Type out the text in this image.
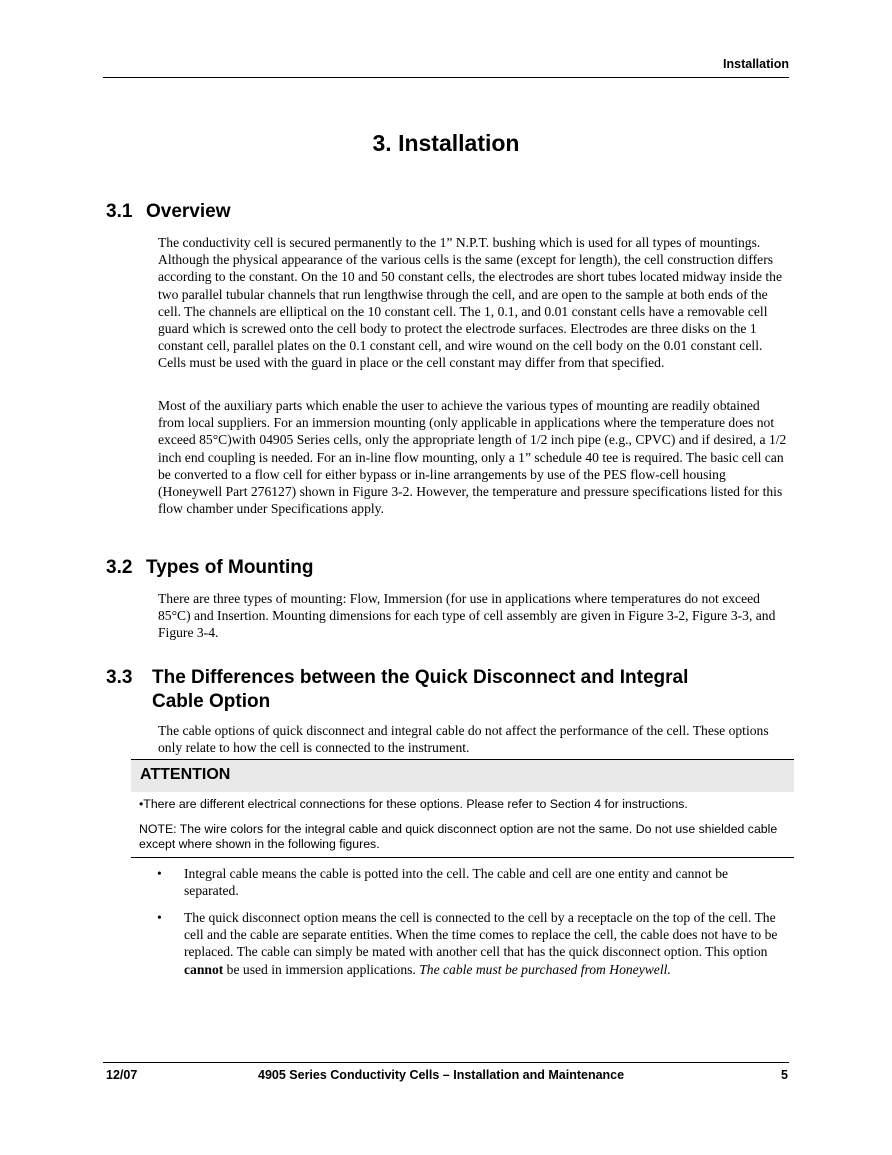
Installation
3. Installation
3.1 Overview

The conductivity cell is secured permanently to the 1” N.P.T. bushing which is used for all types of mountings. Although the physical appearance of the various cells is the same (except for length), the cell construction differs according to the constant. On the 10 and 50 constant cells, the electrodes are short tubes located midway inside the two parallel tubular channels that run lengthwise through the cell, and are open to the sample at both ends of the cell. The channels are elliptical on the 10 constant cell. The 1, 0.1, and 0.01 constant cells have a removable cell guard which is screwed onto the cell body to protect the electrode surfaces. Electrodes are three disks on the 1 constant cell, parallel plates on the 0.1 constant cell, and wire wound on the cell body on the 0.01 constant cell. Cells must be used with the guard in place or the cell constant may differ from that specified.

Most of the auxiliary parts which enable the user to achieve the various types of mounting are readily obtained from local suppliers. For an immersion mounting (only applicable in applications where the temperature does not exceed 85°C)with 04905 Series cells, only the appropriate length of 1/2 inch pipe (e.g., CPVC) and if desired, a 1/2 inch end coupling is needed. For an in-line flow mounting, only a 1” schedule 40 tee is required. The basic cell can be converted to a flow cell for either bypass or in-line arrangements by use of the PES flow-cell housing (Honeywell Part 276127) shown in Figure 3-2. However, the temperature and pressure specifications listed for this flow chamber under Specifications apply.

3.2 Types of Mounting

There are three types of mounting: Flow, Immersion (for use in applications where temperatures do not exceed 85°C) and Insertion. Mounting dimensions for each type of cell assembly are given in Figure 3-2, Figure 3-3, and Figure 3-4.

3.3 The Differences between the Quick Disconnect and Integral
Cable Option

The cable options of quick disconnect and integral cable do not affect the performance of the cell. These options only relate to how the cell is connected to the instrument.

ATTENTION
•There are different electrical connections for these options. Please refer to Section 4 for instructions.
NOTE: The wire colors for the integral cable and quick disconnect option are not the same. Do not use shielded cable except where shown in the following figures.
•	Integral cable means the cable is potted into the cell. The cable and cell are one entity and cannot be separated.
•	The quick disconnect option means the cell is connected to the cell by a receptacle on the top of the cell. The cell and the cable are separate entities. When the time comes to replace the cell, the cable does not have to be replaced. The cable can simply be mated with another cell that has the quick disconnect option. This option cannot be used in immersion applications. The cable must be purchased from Honeywell.
12/07	4905 Series Conductivity Cells – Installation and Maintenance	5
